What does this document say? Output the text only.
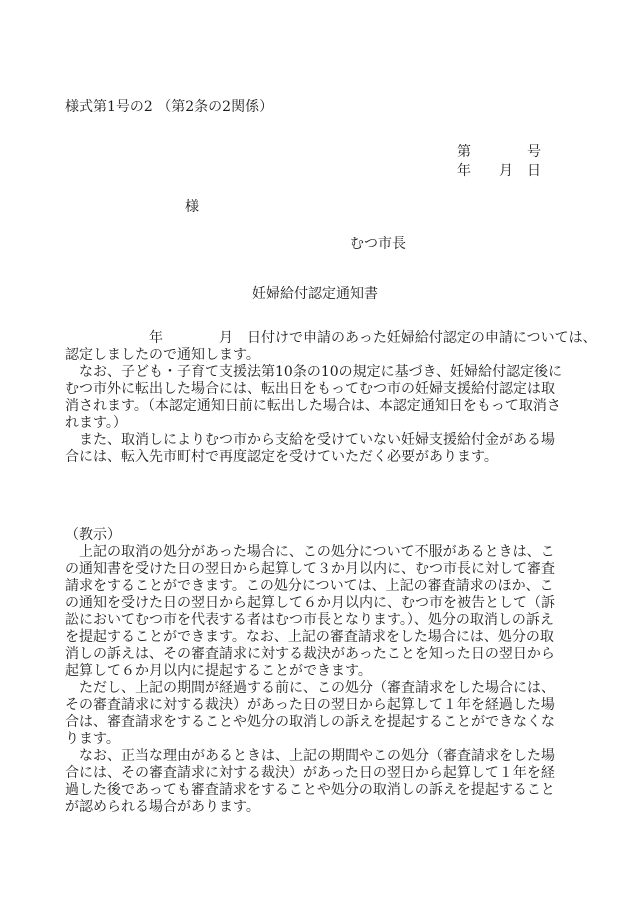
様式第1号の2 （第2条の2関係）
第　　　　号
年　　月　日
様
むつ市長
妊婦給付認定通知書
　　　　　　年　　　　月　日付けで申請のあった妊婦給付認定の申請については、
認定しましたので通知します。
　なお、子ども・子育て支援法第10条の10の規定に基づき、妊婦給付認定後に
むつ市外に転出した場合には、転出日をもってむつ市の妊婦支援給付認定は取
消されます。（本認定通知日前に転出した場合は、本認定通知日をもって取消さ
れます。）
　また、取消しによりむつ市から支給を受けていない妊婦支援給付金がある場
合には、転入先市町村で再度認定を受けていただく必要があります。
（教示）
　上記の取消の処分があった場合に、この処分について不服があるときは、こ
の通知書を受けた日の翌日から起算して３か月以内に、むつ市長に対して審査
請求をすることができます。この処分については、上記の審査請求のほか、こ
の通知を受けた日の翌日から起算して６か月以内に、むつ市を被告として（訴
訟においてむつ市を代表する者はむつ市長となります。）、処分の取消しの訴え
を提起することができます。なお、上記の審査請求をした場合には、処分の取
消しの訴えは、その審査請求に対する裁決があったことを知った日の翌日から
起算して６か月以内に提起することができます。
　ただし、上記の期間が経過する前に、この処分（審査請求をした場合には、
その審査請求に対する裁決）があった日の翌日から起算して１年を経過した場
合は、審査請求をすることや処分の取消しの訴えを提起することができなくな
ります。
　なお、正当な理由があるときは、上記の期間やこの処分（審査請求をした場
合には、その審査請求に対する裁決）があった日の翌日から起算して１年を経
過した後であっても審査請求をすることや処分の取消しの訴えを提起すること
が認められる場合があります。
